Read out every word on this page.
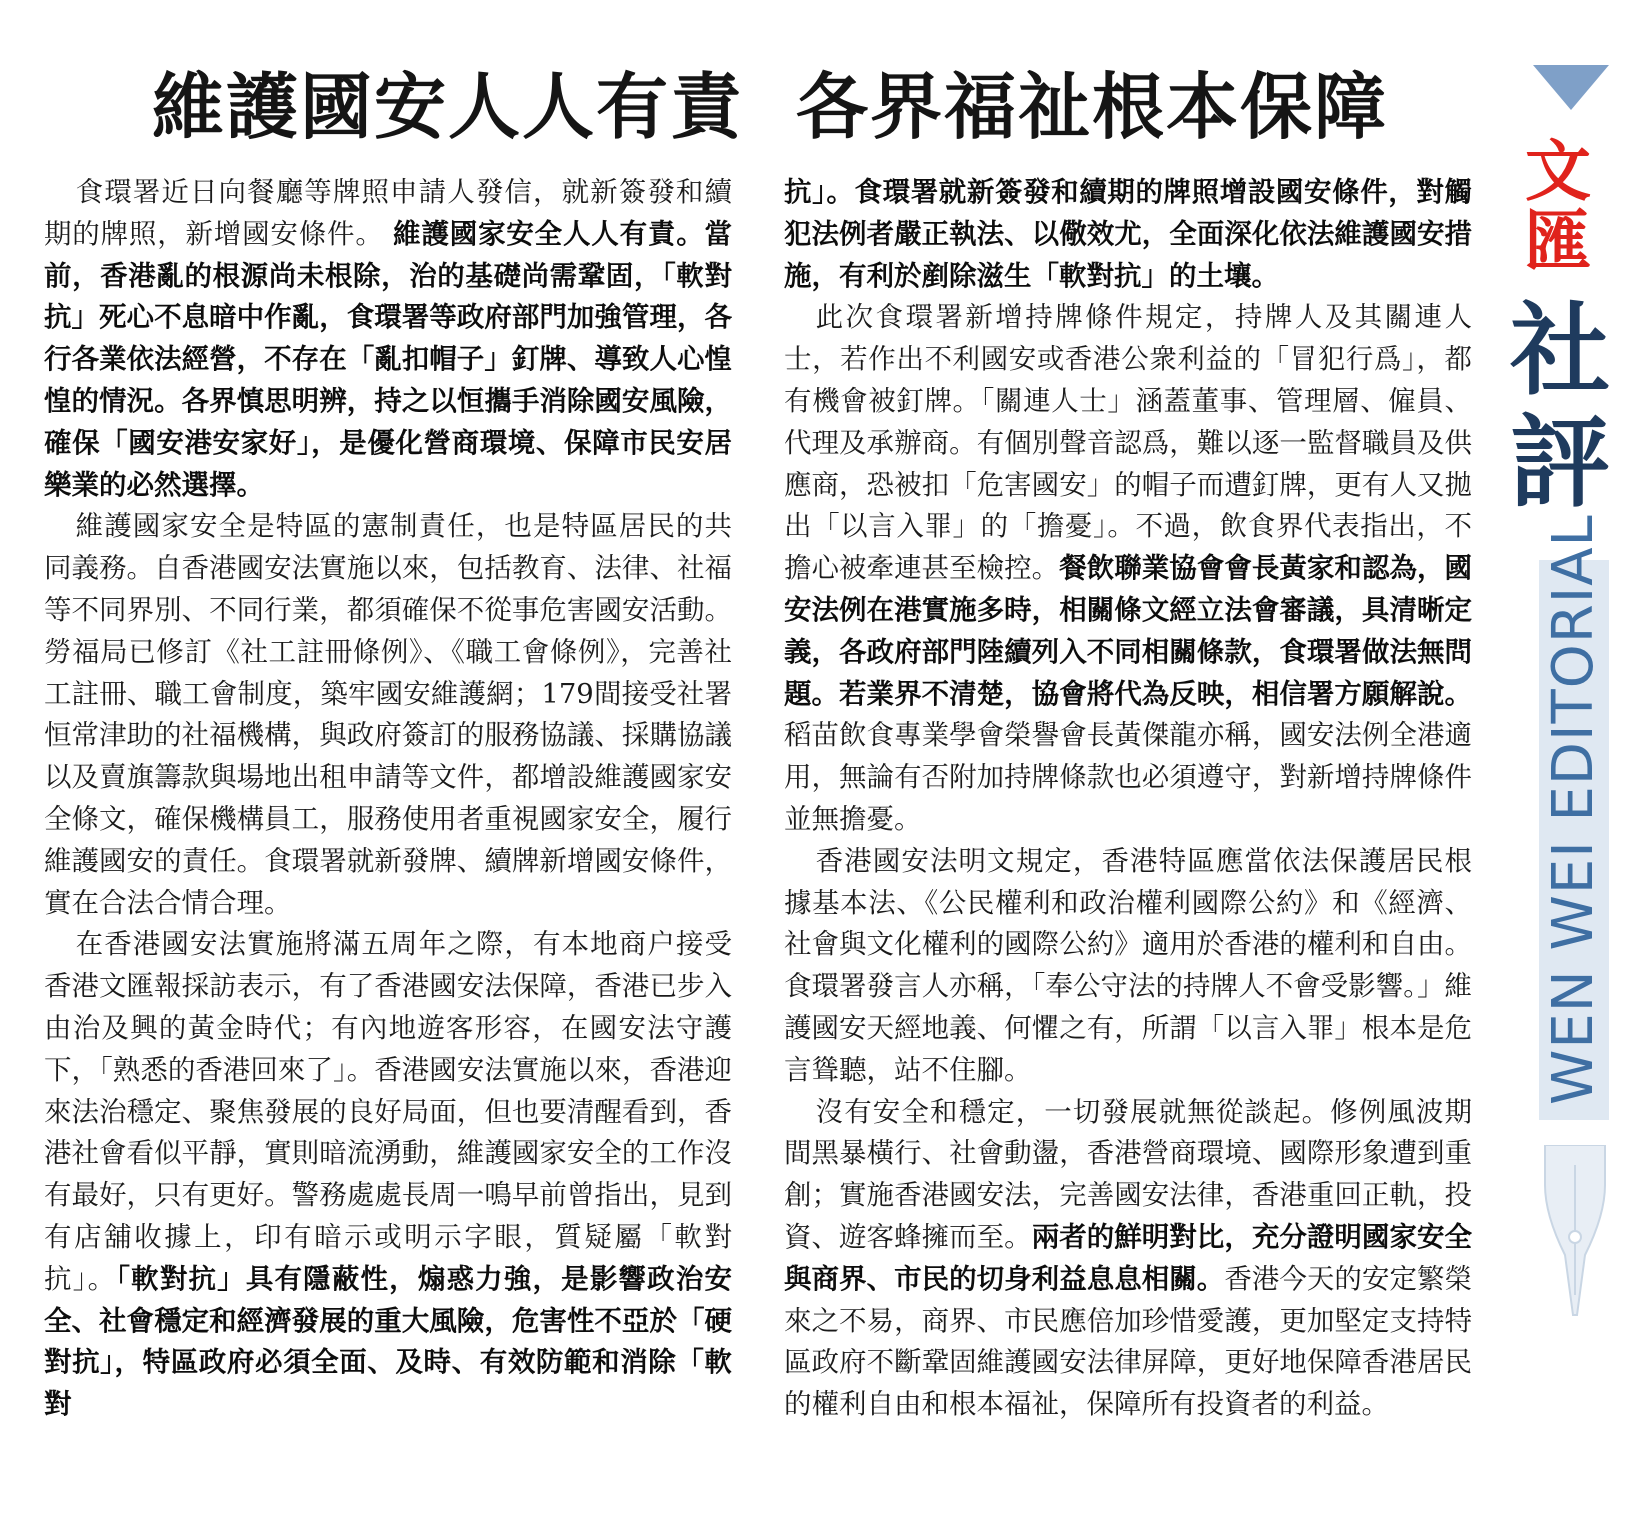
維護國安人人有責 各界福祉根本保障

食環署近日向餐廳等牌照申請人發信，就新簽發和續期的牌照，新增國安條件。 維護國家安全人人有責。當前，香港亂的根源尚未根除，治的基礎尚需鞏固，「軟對抗」死心不息暗中作亂，食環署等政府部門加強管理，各行各業依法經營，不存在「亂扣帽子」釘牌、導致人心惶惶的情況。各界慎思明辨，持之以恒攜手消除國安風險，確保「國安港安家好」，是優化營商環境、保障市民安居樂業的必然選擇。

維護國家安全是特區的憲制責任，也是特區居民的共同義務。自香港國安法實施以來，包括教育、法律、社福等不同界別、不同行業，都須確保不從事危害國安活動。勞福局已修訂《社工註冊條例》、《職工會條例》，完善社工註冊、職工會制度，築牢國安維護網；179間接受社署恒常津助的社福機構，與政府簽訂的服務協議、採購協議以及賣旗籌款與場地出租申請等文件，都增設維護國家安全條文，確保機構員工，服務使用者重視國家安全，履行維護國安的責任。食環署就新發牌、續牌新增國安條件，實在合法合情合理。

在香港國安法實施將滿五周年之際，有本地商户接受香港文匯報採訪表示，有了香港國安法保障，香港已步入由治及興的黃金時代；有內地遊客形容，在國安法守護下，「熟悉的香港回來了」。香港國安法實施以來，香港迎來法治穩定、聚焦發展的良好局面，但也要清醒看到，香港社會看似平靜，實則暗流湧動，維護國家安全的工作沒有最好，只有更好。警務處處長周一鳴早前曾指出，見到有店舖收據上，印有暗示或明示字眼，質疑屬「軟對抗」。「軟對抗」具有隱蔽性，煽惑力強，是影響政治安全、社會穩定和經濟發展的重大風險，危害性不亞於「硬對抗」，特區政府必須全面、及時、有效防範和消除「軟對

抗」。食環署就新簽發和續期的牌照增設國安條件，對觸犯法例者嚴正執法、以儆效尤，全面深化依法維護國安措施，有利於剷除滋生「軟對抗」的土壤。

此次食環署新增持牌條件規定，持牌人及其關連人士，若作出不利國安或香港公衆利益的「冒犯行爲」，都有機會被釘牌。「關連人士」涵蓋董事、管理層、僱員、代理及承辦商。有個別聲音認爲，難以逐一監督職員及供應商，恐被扣「危害國安」的帽子而遭釘牌，更有人又拋出「以言入罪」的「擔憂」。不過，飲食界代表指出，不擔心被牽連甚至檢控。餐飲聯業協會會長黃家和認為，國安法例在港實施多時，相關條文經立法會審議，具清晰定義，各政府部門陸續列入不同相關條款，食環署做法無問題。若業界不清楚，協會將代為反映，相信署方願解說。稻苗飲食專業學會榮譽會長黃傑龍亦稱，國安法例全港適用，無論有否附加持牌條款也必須遵守，對新增持牌條件並無擔憂。

香港國安法明文規定，香港特區應當依法保護居民根據基本法、《公民權利和政治權利國際公約》和《經濟、社會與文化權利的國際公約》適用於香港的權利和自由。食環署發言人亦稱，「奉公守法的持牌人不會受影響。」維護國安天經地義、何懼之有，所謂「以言入罪」根本是危言聳聽，站不住腳。

沒有安全和穩定，一切發展就無從談起。修例風波期間黑暴橫行、社會動盪，香港營商環境、國際形象遭到重創；實施香港國安法，完善國安法律，香港重回正軌，投資、遊客蜂擁而至。兩者的鮮明對比，充分證明國家安全與商界、市民的切身利益息息相關。香港今天的安定繁榮來之不易，商界、市民應倍加珍惜愛護，更加堅定支持特區政府不斷鞏固維護國安法律屏障，更好地保障香港居民的權利自由和根本福祉，保障所有投資者的利益。

文匯
社評
WEN WEI EDITORIAL
